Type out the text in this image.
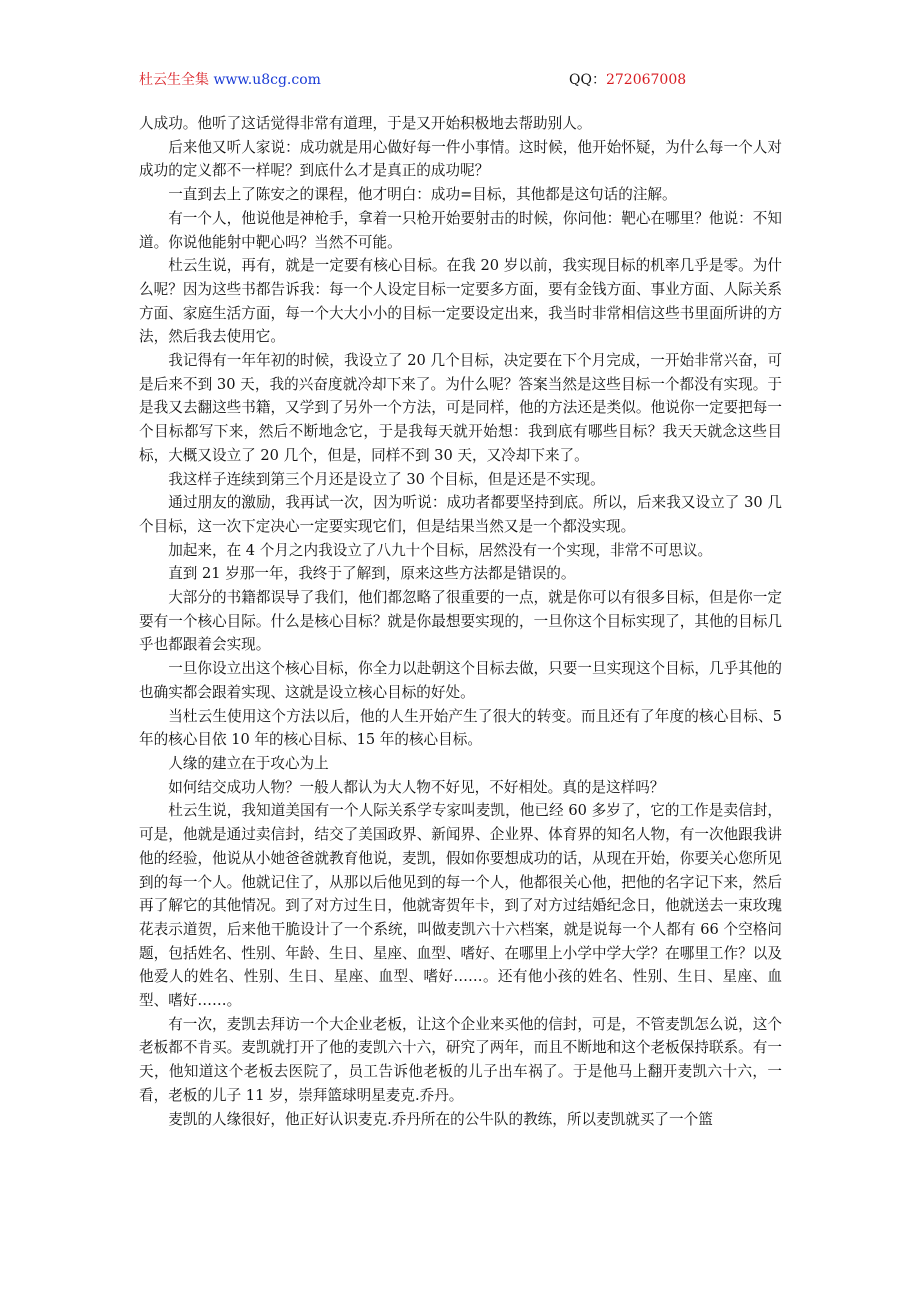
杜云生全集 www.u8cg.com	QQ：272067008

人成功。他听了这话觉得非常有道理，于是又开始积极地去帮助别人。

后来他又听人家说：成功就是用心做好每一件小事情。这时候，他开始怀疑，为什么每一个人对成功的定义都不一样呢？到底什么才是真正的成功呢？

一直到去上了陈安之的课程，他才明白：成功=目标，其他都是这句话的注解。

有一个人，他说他是神枪手，拿着一只枪开始要射击的时候，你问他：靶心在哪里？他说：不知道。你说他能射中靶心吗？当然不可能。

杜云生说，再有，就是一定要有核心目标。在我 20 岁以前，我实现目标的机率几乎是零。为什么呢？因为这些书都告诉我：每一个人设定目标一定要多方面，要有金钱方面、事业方面、人际关系方面、家庭生活方面，每一个大大小小的目标一定要设定出来，我当时非常相信这些书里面所讲的方法，然后我去使用它。

我记得有一年年初的时候，我设立了 20 几个目标，决定要在下个月完成，一开始非常兴奋，可是后来不到 30 天，我的兴奋度就冷却下来了。为什么呢？答案当然是这些目标一个都没有实现。于是我又去翻这些书籍，又学到了另外一个方法，可是同样，他的方法还是类似。他说你一定要把每一个目标都写下来，然后不断地念它，于是我每天就开始想：我到底有哪些目标？我天天就念这些目标，大概又设立了 20 几个，但是，同样不到 30 天，又冷却下来了。

我这样子连续到第三个月还是设立了 30 个目标，但是还是不实现。

通过朋友的激励，我再试一次，因为听说：成功者都要坚持到底。所以，后来我又设立了 30 几个目标，这一次下定决心一定要实现它们，但是结果当然又是一个都没实现。

加起来，在 4 个月之内我设立了八九十个目标，居然没有一个实现，非常不可思议。

直到 21 岁那一年，我终于了解到，原来这些方法都是错误的。

大部分的书籍都误导了我们，他们都忽略了很重要的一点，就是你可以有很多目标，但是你一定要有一个核心目际。什么是核心目标？就是你最想要实现的，一旦你这个目标实现了，其他的目标几乎也都跟着会实现。

一旦你设立出这个核心目标，你全力以赴朝这个目标去做，只要一旦实现这个目标，几乎其他的也确实都会跟着实现、这就是设立核心目标的好处。

当杜云生使用这个方法以后，他的人生开始产生了很大的转变。而且还有了年度的核心目标、5 年的核心目依 10 年的核心目标、15 年的核心目标。

人缘的建立在于攻心为上

如何结交成功人物？一般人都认为大人物不好见，不好相处。真的是这样吗？

杜云生说，我知道美国有一个人际关系学专家叫麦凯，他已经 60 多岁了，它的工作是卖信封，可是，他就是通过卖信封，结交了美国政界、新闻界、企业界、体育界的知名人物，有一次他跟我讲他的经验，他说从小她爸爸就教育他说，麦凯，假如你要想成功的话，从现在开始，你要关心您所见到的每一个人。他就记住了，从那以后他见到的每一个人，他都很关心他，把他的名字记下来，然后再了解它的其他情况。到了对方过生日，他就寄贺年卡，到了对方过结婚纪念日，他就送去一束玫瑰花表示道贺，后来他干脆设计了一个系统，叫做麦凯六十六档案，就是说每一个人都有 66 个空格问题，包括姓名、性别、年龄、生日、星座、血型、嗜好、在哪里上小学中学大学？在哪里工作？以及他爱人的姓名、性别、生日、星座、血型、嗜好……。还有他小孩的姓名、性别、生日、星座、血型、嗜好……。

有一次，麦凯去拜访一个大企业老板，让这个企业来买他的信封，可是，不管麦凯怎么说，这个老板都不肯买。麦凯就打开了他的麦凯六十六，研究了两年，而且不断地和这个老板保持联系。有一天，他知道这个老板去医院了，员工告诉他老板的儿子出车祸了。于是他马上翻开麦凯六十六，一看，老板的儿子 11 岁，崇拜篮球明星麦克.乔丹。

麦凯的人缘很好，他正好认识麦克.乔丹所在的公牛队的教练，所以麦凯就买了一个篮
